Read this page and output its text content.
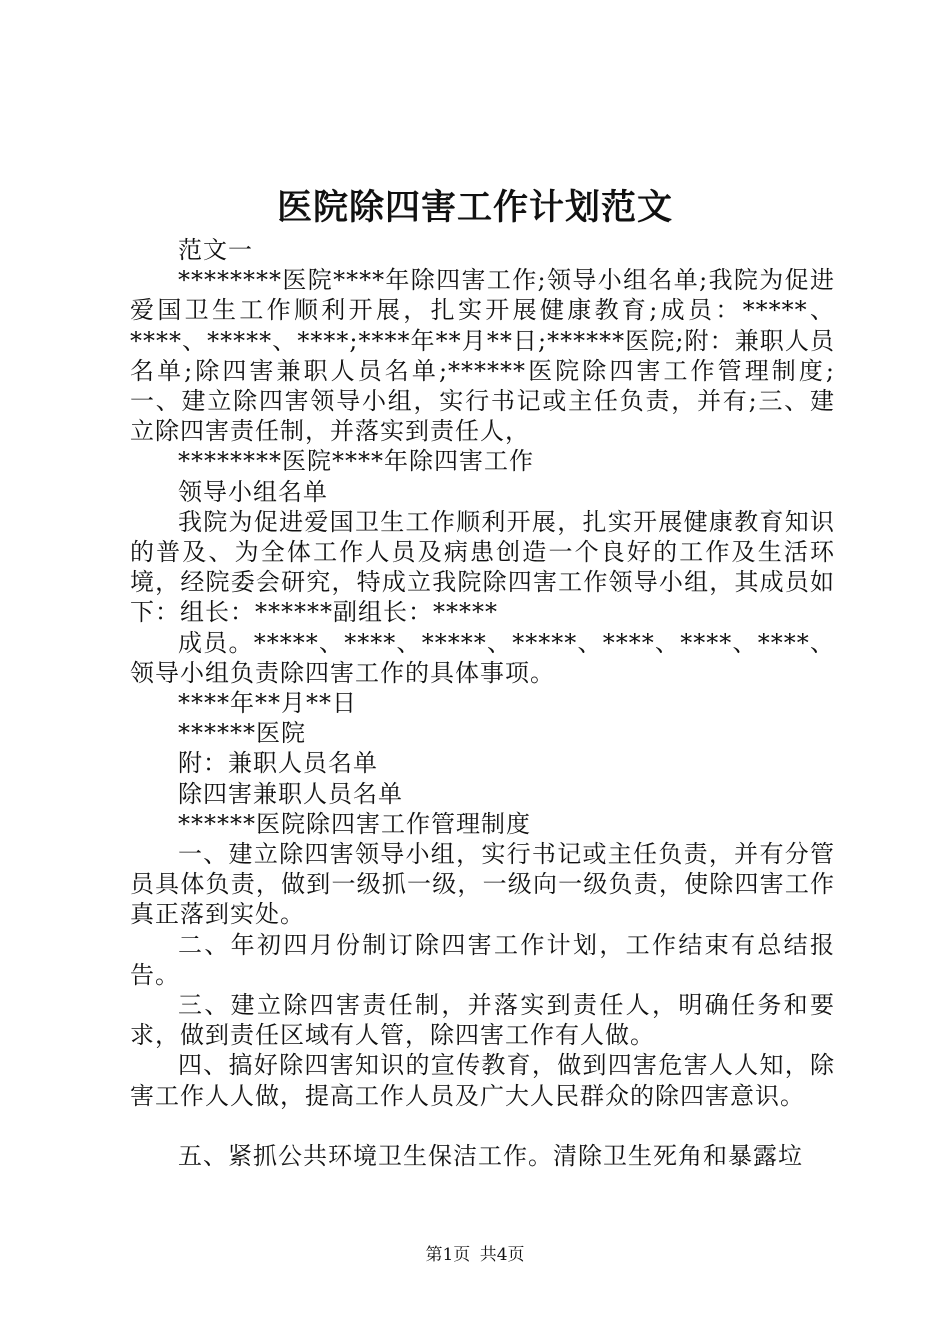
医院除四害工作计划范文

范文一

********医院****年除四害工作;领导小组名单;我院为促进爱国卫生工作顺利开展，扎实开展健康教育;成员：*****、****、*****、****;****年**月**日;******医院;附：兼职人员名单;除四害兼职人员名单;******医院除四害工作管理制度;一、建立除四害领导小组，实行书记或主任负责，并有;三、建立除四害责任制，并落实到责任人，

********医院****年除四害工作

领导小组名单

我院为促进爱国卫生工作顺利开展，扎实开展健康教育知识的普及、为全体工作人员及病患创造一个良好的工作及生活环境，经院委会研究，特成立我院除四害工作领导小组，其成员如下：组长：******副组长：*****

成员。*****、****、*****、*****、****、****、****、领导小组负责除四害工作的具体事项。

****年**月**日

******医院

附：兼职人员名单

除四害兼职人员名单

******医院除四害工作管理制度

一、建立除四害领导小组，实行书记或主任负责，并有分管员具体负责，做到一级抓一级，一级向一级负责，使除四害工作真正落到实处。

二、年初四月份制订除四害工作计划，工作结束有总结报告。

三、建立除四害责任制，并落实到责任人，明确任务和要求，做到责任区域有人管，除四害工作有人做。

四、搞好除四害知识的宣传教育，做到四害危害人人知，除害工作人人做，提高工作人员及广大人民群众的除四害意识。

五、紧抓公共环境卫生保洁工作。清除卫生死角和暴露垃

第1页 共4页
